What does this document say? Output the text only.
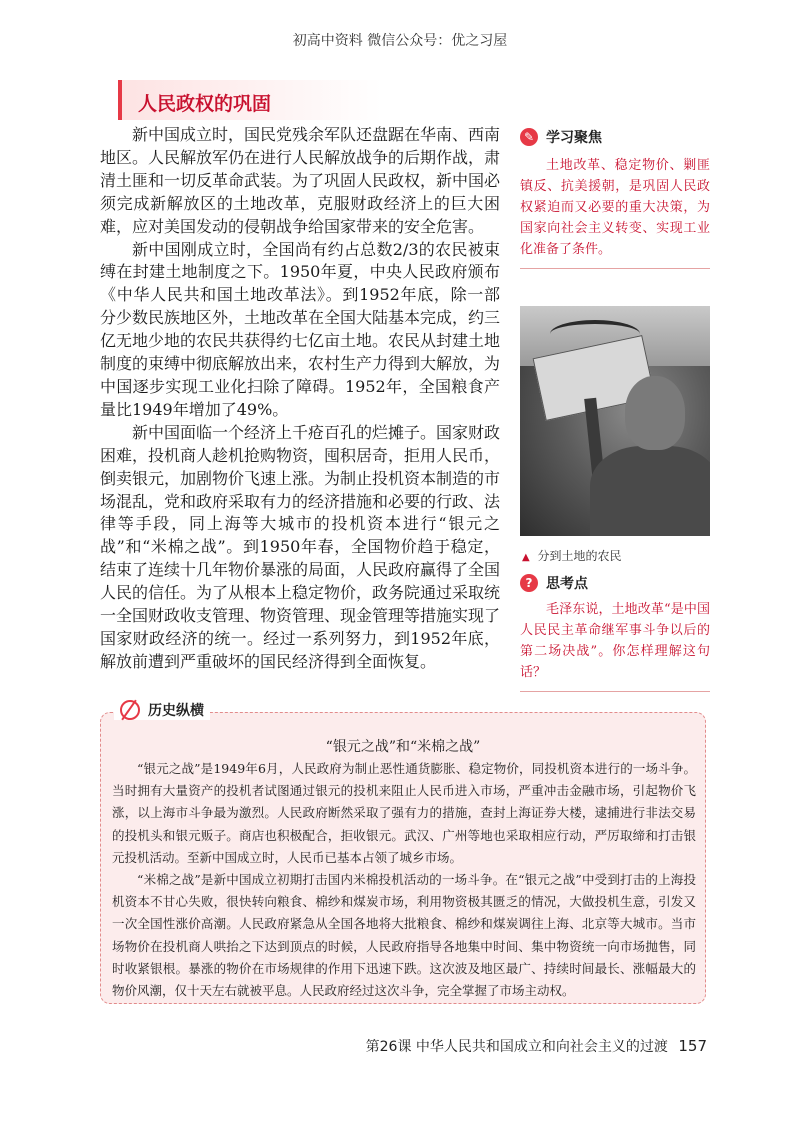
初高中资料 微信公众号：优之习屋
人民政权的巩固

新中国成立时，国民党残余军队还盘踞在华南、西南地区。人民解放军仍在进行人民解放战争的后期作战，肃清土匪和一切反革命武装。为了巩固人民政权，新中国必须完成新解放区的土地改革，克服财政经济上的巨大困难，应对美国发动的侵朝战争给国家带来的安全危害。

新中国刚成立时，全国尚有约占总数2/3的农民被束缚在封建土地制度之下。1950年夏，中央人民政府颁布《中华人民共和国土地改革法》。到1952年底，除一部分少数民族地区外，土地改革在全国大陆基本完成，约三亿无地少地的农民共获得约七亿亩土地。农民从封建土地制度的束缚中彻底解放出来，农村生产力得到大解放，为中国逐步实现工业化扫除了障碍。1952年，全国粮食产量比1949年增加了49%。

新中国面临一个经济上千疮百孔的烂摊子。国家财政困难，投机商人趁机抢购物资，囤积居奇，拒用人民币，倒卖银元，加剧物价飞速上涨。为制止投机资本制造的市场混乱，党和政府采取有力的经济措施和必要的行政、法律等手段，同上海等大城市的投机资本进行“银元之战”和“米棉之战”。到1950年春，全国物价趋于稳定，结束了连续十几年物价暴涨的局面，人民政府赢得了全国人民的信任。为了从根本上稳定物价，政务院通过采取统一全国财政收支管理、物资管理、现金管理等措施实现了国家财政经济的统一。经过一系列努力，到1952年底，解放前遭到严重破坏的国民经济得到全面恢复。

✎ 学习聚焦
土地改革、稳定物价、剿匪镇反、抗美援朝，是巩固人民政权紧迫而又必要的重大决策，为国家向社会主义转变、实现工业化准备了条件。
▲ 分到土地的农民
? 思考点
毛泽东说，土地改革“是中国人民民主革命继军事斗争以后的第二场决战”。你怎样理解这句话？
历史纵横
“银元之战”和“米棉之战”

“银元之战”是1949年6月，人民政府为制止恶性通货膨胀、稳定物价，同投机资本进行的一场斗争。当时拥有大量资产的投机者试图通过银元的投机来阻止人民币进入市场，严重冲击金融市场，引起物价飞涨，以上海市斗争最为激烈。人民政府断然采取了强有力的措施，查封上海证券大楼，逮捕进行非法交易的投机头和银元贩子。商店也积极配合，拒收银元。武汉、广州等地也采取相应行动，严厉取缔和打击银元投机活动。至新中国成立时，人民币已基本占领了城乡市场。

“米棉之战”是新中国成立初期打击国内米棉投机活动的一场斗争。在“银元之战”中受到打击的上海投机资本不甘心失败，很快转向粮食、棉纱和煤炭市场，利用物资极其匮乏的情况，大做投机生意，引发又一次全国性涨价高潮。人民政府紧急从全国各地将大批粮食、棉纱和煤炭调往上海、北京等大城市。当市场物价在投机商人哄抬之下达到顶点的时候，人民政府指导各地集中时间、集中物资统一向市场抛售，同时收紧银根。暴涨的物价在市场规律的作用下迅速下跌。这次波及地区最广、持续时间最长、涨幅最大的物价风潮，仅十天左右就被平息。人民政府经过这次斗争，完全掌握了市场主动权。

第26课 中华人民共和国成立和向社会主义的过渡 157
